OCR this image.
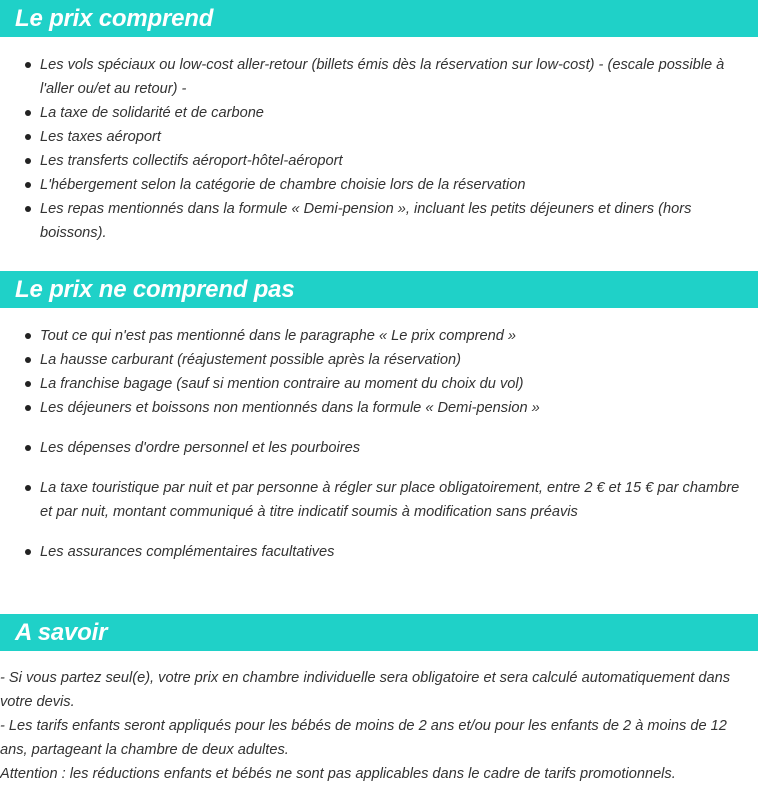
Le prix comprend
Les vols spéciaux ou low-cost aller-retour (billets émis dès la réservation sur low-cost) - (escale possible à l'aller ou/et au retour) -
La taxe de solidarité et de carbone
Les taxes aéroport
Les transferts collectifs aéroport-hôtel-aéroport
L'hébergement selon la catégorie de chambre choisie lors de la réservation
Les repas mentionnés dans la formule « Demi-pension », incluant les petits déjeuners et diners (hors boissons).
Le prix ne comprend pas
Tout ce qui n'est pas mentionné dans le paragraphe « Le prix comprend »
La hausse carburant (réajustement possible après la réservation)
La franchise bagage (sauf si mention contraire au moment du choix du vol)
Les déjeuners et boissons non mentionnés dans la formule « Demi-pension »
Les dépenses d'ordre personnel et les pourboires
La taxe touristique par nuit et par personne à régler sur place obligatoirement, entre 2 € et 15 € par chambre et par nuit, montant communiqué à titre indicatif soumis à modification sans préavis
Les assurances complémentaires facultatives
A savoir

- Si vous partez seul(e), votre prix en chambre individuelle sera obligatoire et sera calculé automatiquement dans votre devis.

- Les tarifs enfants seront appliqués pour les bébés de moins de 2 ans et/ou pour les enfants de 2 à moins de 12 ans, partageant la chambre de deux adultes.

Attention : les réductions enfants et bébés ne sont pas applicables dans le cadre de tarifs promotionnels.
